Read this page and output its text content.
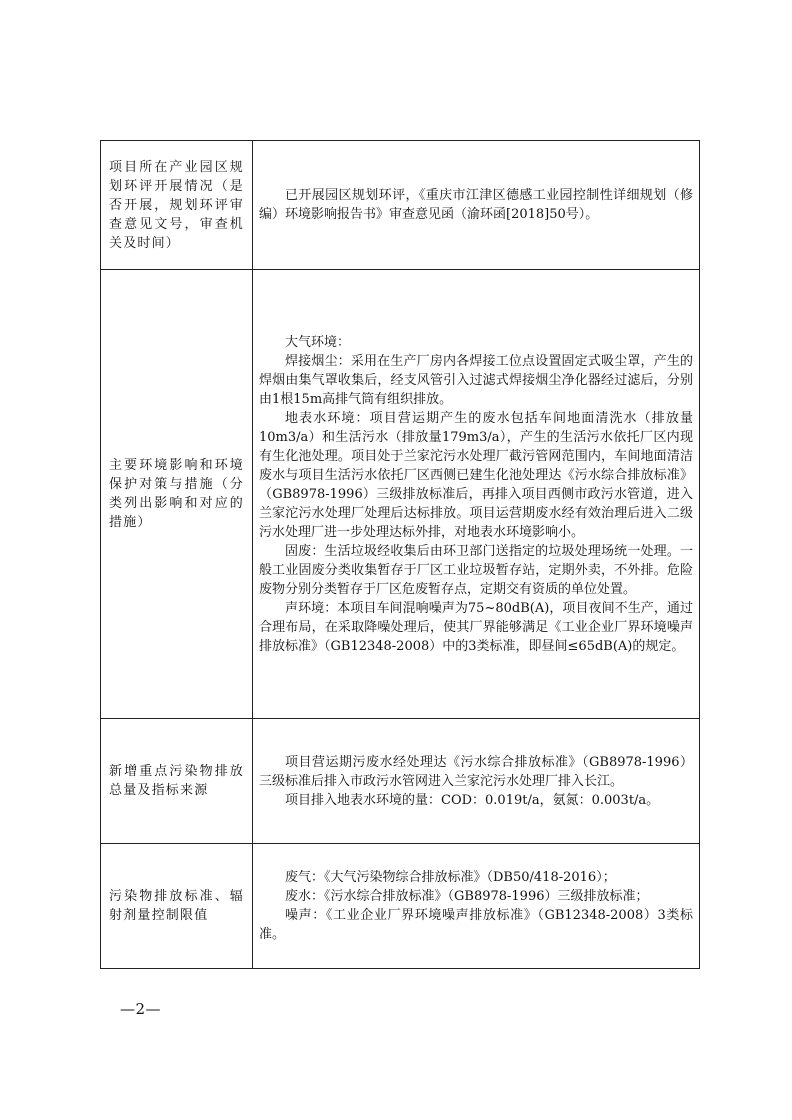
项目所在产业园区规划环评开展情况（是否开展，规划环评审查意见文号，审查机关及时间）	已开展园区规划环评，《重庆市江津区德感工业园控制性详细规划（修编）环境影响报告书》审查意见函（渝环函[2018]50号）。

主要环境影响和环境保护对策与措施（分类列出影响和对应的措施）	大气环境：

焊接烟尘：采用在生产厂房内各焊接工位点设置固定式吸尘罩，产生的焊烟由集气罩收集后，经支风管引入过滤式焊接烟尘净化器经过滤后，分别由1根15m高排气筒有组织排放。

地表水环境：项目营运期产生的废水包括车间地面清洗水（排放量10m3/a）和生活污水（排放量179m3/a），产生的生活污水依托厂区内现有生化池处理。项目处于兰家沱污水处理厂截污管网范围内，车间地面清洁废水与项目生活污水依托厂区西侧已建生化池处理达《污水综合排放标准》（GB8978-1996）三级排放标准后，再排入项目西侧市政污水管道，进入兰家沱污水处理厂处理后达标排放。项目运营期废水经有效治理后进入二级污水处理厂进一步处理达标外排，对地表水环境影响小。

固废：生活垃圾经收集后由环卫部门送指定的垃圾处理场统一处理。一般工业固废分类收集暂存于厂区工业垃圾暂存站，定期外卖，不外排。危险废物分别分类暂存于厂区危废暂存点，定期交有资质的单位处置。

声环境：本项目车间混响噪声为75~80dB(A)，项目夜间不生产，通过合理布局，在采取降噪处理后，使其厂界能够满足《工业企业厂界环境噪声排放标准》（GB12348-2008）中的3类标准，即昼间≤65dB(A)的规定。

新增重点污染物排放总量及指标来源	项目营运期污废水经处理达《污水综合排放标准》（GB8978-1996）三级标准后排入市政污水管网进入兰家沱污水处理厂排入长江。

项目排入地表水环境的量：COD：0.019t/a，氨氮：0.003t/a。

污染物排放标准、辐射剂量控制限值	废气：《大气污染物综合排放标准》（DB50/418-2016）；

废水：《污水综合排放标准》（GB8978-1996）三级排放标准；

噪声：《工业企业厂界环境噪声排放标准》（GB12348-2008）3类标准。

—2—
